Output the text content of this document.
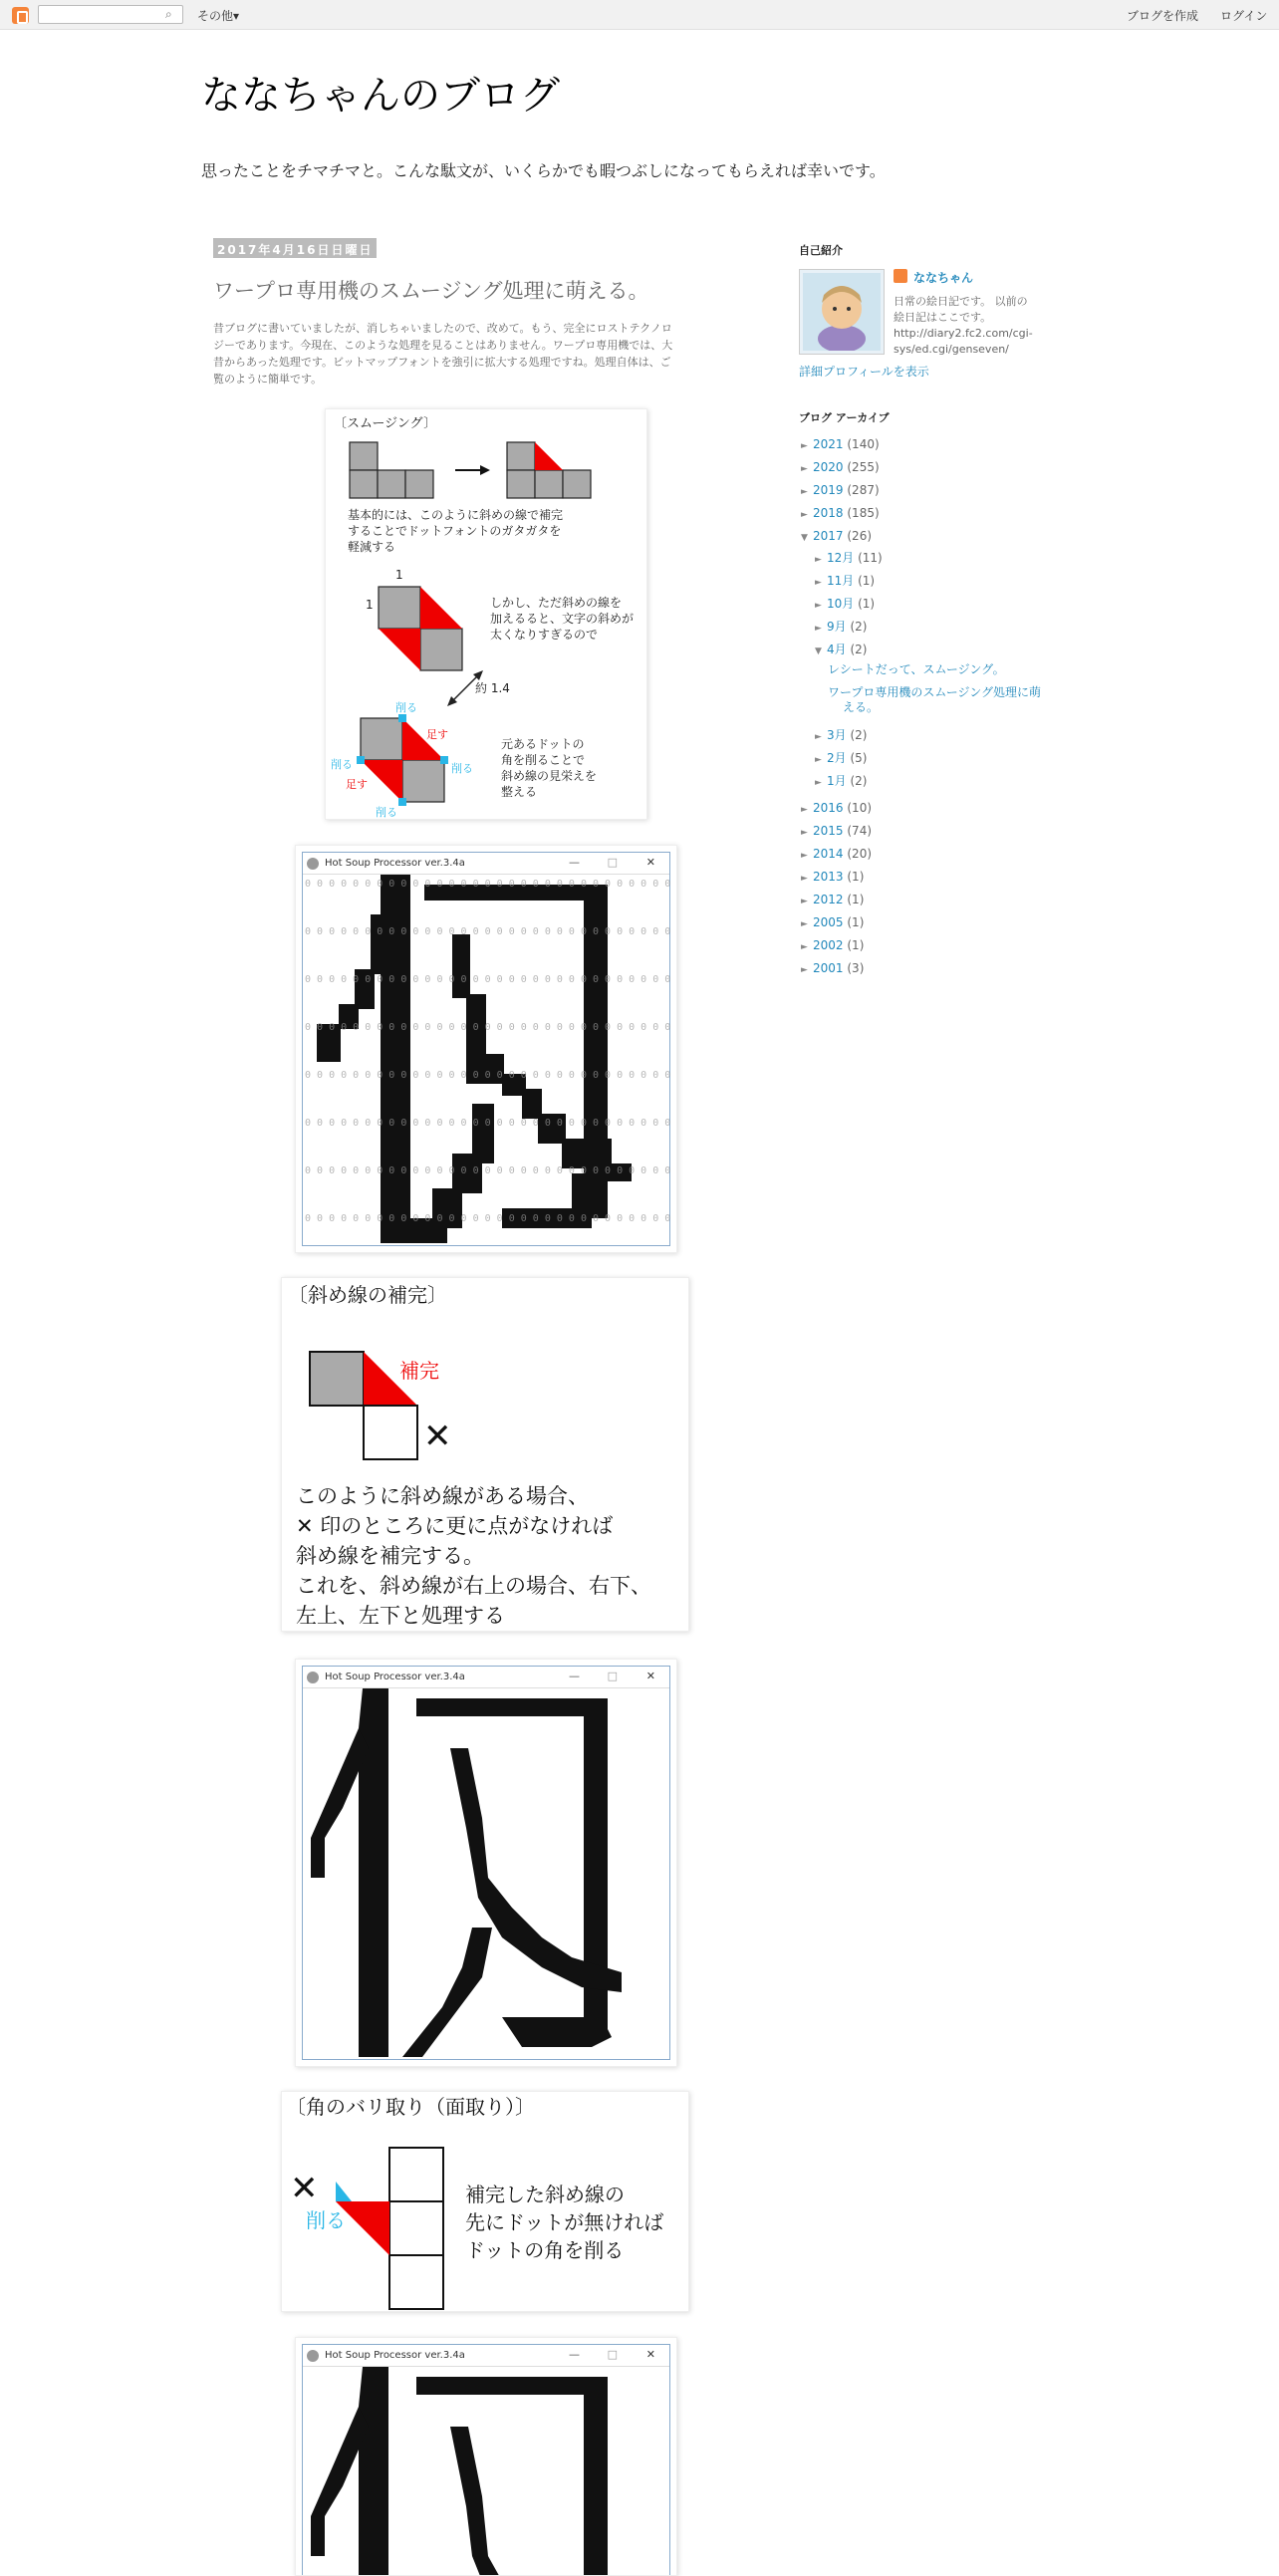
⌕ その他▾	ブログを作成 ログイン
ななちゃんのブログ
思ったことをチマチマと。こんな駄文が、いくらかでも暇つぶしになってもらえれば幸いです。
2017年4月16日日曜日
ワープロ専用機のスムージング処理に萌える。
昔ブログに書いていましたが、消しちゃいましたので、改めて。もう、完全にロストテクノロ
ジーであります。今現在、このような処理を見ることはありません。ワープロ専用機では、大
昔からあった処理です。ビットマップフォントを強引に拡大する処理ですね。処理自体は、ご
覧のように簡単です。
〔スムージング〕
基本的には、このように斜めの線で補完
することでドットフォントのガタガタを
軽減する
1
1	しかし、ただ斜めの線を
加えるると、文字の斜めが
太くなりすぎるので
約 1.4
削る
削る	削る
削る
足す
足す
元あるドットの
角を削ることで
斜め線の見栄えを
整える
Hot Soup Processor ver.3.4a	—	□	✕
0 0 0 0 0 0 0 0 0 0 0 0 0 0 0 0 0 0 0 0 0 0 0 0 0 0 0 0 0 0 0
0 0 0 0 0 0 0 0 0 0 0 0 0 0 0 0 0 0 0 0 0 0 0 0 0 0 0 0 0 0 0
0 0 0 0 0 0 0 0 0 0 0 0 0 0 0 0 0 0 0 0 0 0 0 0 0 0 0 0 0 0 0
0 0 0 0 0 0 0 0 0 0 0 0 0 0 0 0 0 0 0 0 0 0 0 0 0 0 0 0 0 0 0
0 0 0 0 0 0 0 0 0 0 0 0 0 0 0 0 0 0 0 0 0 0 0 0 0 0 0 0 0 0 0
0 0 0 0 0 0 0 0 0 0 0 0 0 0 0 0 0 0 0 0 0 0 0 0 0 0 0 0 0 0 0
0 0 0 0 0 0 0 0 0 0 0 0 0 0 0 0 0 0 0 0 0 0 0 0 0 0 0 0 0 0 0
0 0 0 0 0 0 0 0 0 0 0 0 0 0 0 0 0 0 0 0 0 0 0 0 0 0 0 0 0 0 0
〔斜め線の補完〕
補完
✕
このように斜め線がある場合、
✕ 印のところに更に点がなければ
斜め線を補完する。
これを、斜め線が右上の場合、右下、
左上、左下と処理する
Hot Soup Processor ver.3.4a	—	□	✕
〔角のバリ取り（面取り）〕
✕
削る
補完した斜め線の
先にドットが無ければ
ドットの角を削る
Hot Soup Processor ver.3.4a	—	□	✕
自己紹介
ななちゃん
日常の絵日記です。 以前の
絵日記はここです。
http://diary2.fc2.com/cgi-
sys/ed.cgi/genseven/
詳細プロフィールを表示
ブログ アーカイブ
► 2021 (140)
► 2020 (255)
► 2019 (287)
► 2018 (185)
▼ 2017 (26)
► 12月 (11)
► 11月 (1)
► 10月 (1)
► 9月 (2)
▼ 4月 (2)
レシートだって、スムージング。
ワープロ専用機のスムージング処理に萌
える。
► 3月 (2)
► 2月 (5)
► 1月 (2)
► 2016 (10)
► 2015 (74)
► 2014 (20)
► 2013 (1)
► 2012 (1)
► 2005 (1)
► 2002 (1)
► 2001 (3)
